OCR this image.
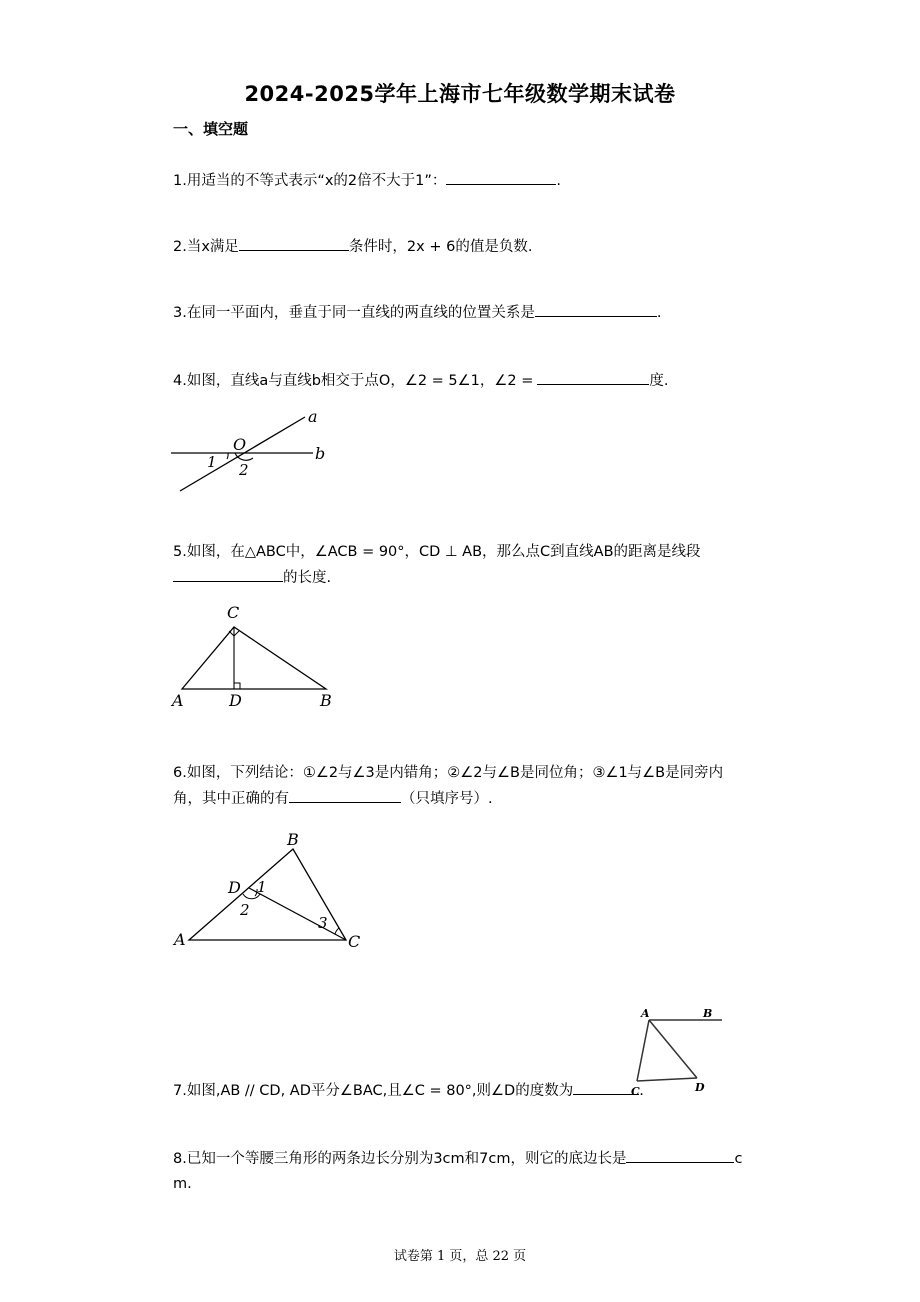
2024-2025学年上海市七年级数学期末试卷
一、填空题
1.用适当的不等式表示“x的2倍不大于1”：	.
2.当x满足	条件时，2x + 6的值是负数.
3.在同一平面内，垂直于同一直线的两直线的位置关系是	.
4.如图，直线a与直线b相交于点O，∠2 = 5∠1，∠2 =	度.
a
O	b
1 2
5.如图，在△ABC中，∠ACB = 90°，CD ⊥ AB，那么点C到直线AB的距离是线段
的长度.
C
A	D	B
6.如图，下列结论：①∠2与∠3是内错角；②∠2与∠B是同位角；③∠1与∠B是同旁内
角，其中正确的有	（只填序号）.
B
D 1
2
3
A	C
7.如图,AB // CD, AD平分∠BAC,且∠C = 80°,则∠D的度数为	.
A	B
C	D
8.已知一个等腰三角形的两条边长分别为3cm和7cm，则它的底边长是	c
m.
试卷第 1 页，总 22 页
